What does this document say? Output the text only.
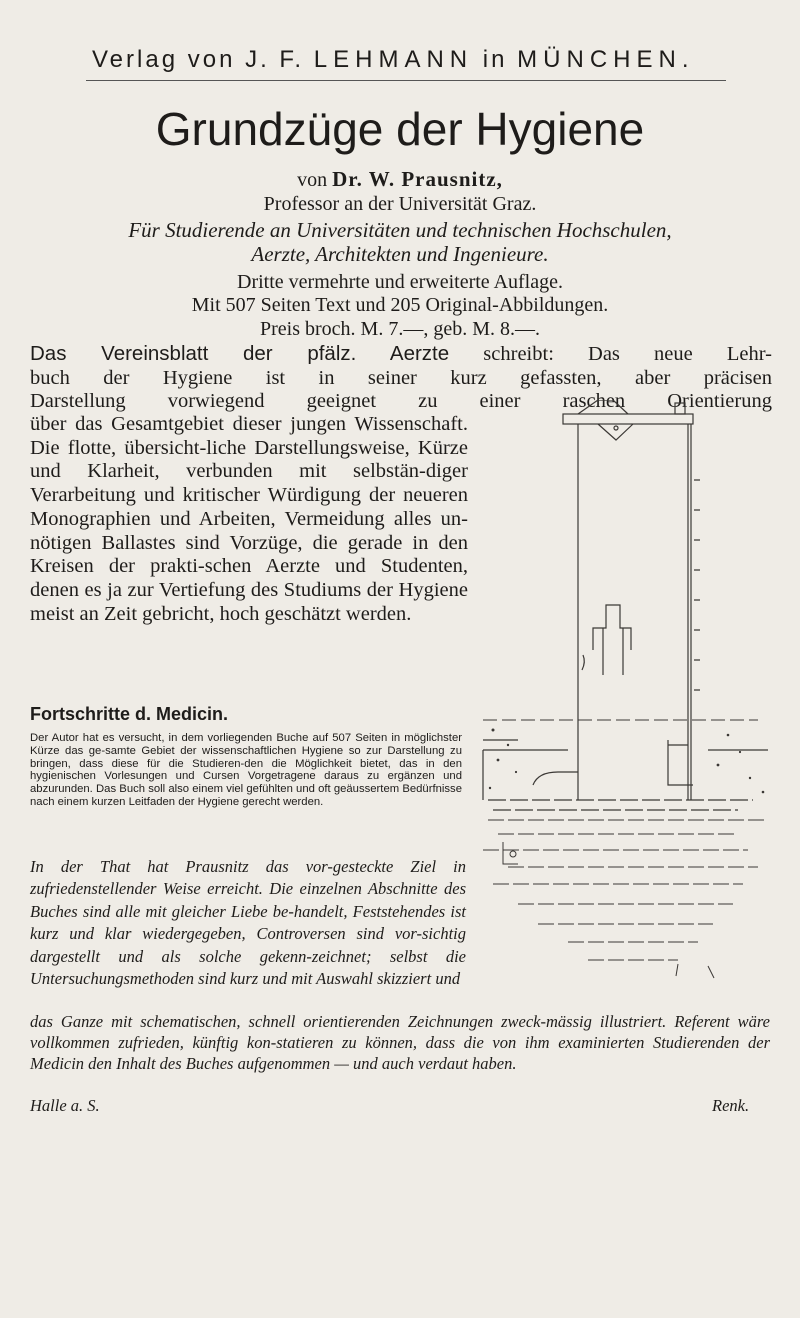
Verlag von J. F. LEHMANN in MÜNCHEN.
Grundzüge der Hygiene
von Dr. W. Prausnitz,
Professor an der Universität Graz.
Für Studierende an Universitäten und technischen Hochschulen,
Aerzte, Architekten und Ingenieure.
Dritte vermehrte und erweiterte Auflage.
Mit 507 Seiten Text und 205 Original-Abbildungen.
Preis broch. M. 7.—, geb. M. 8.—.
Das Vereinsblatt der pfälz. Aerzte schreibt: Das neue Lehr-
buch der Hygiene ist in seiner kurz gefassten, aber präcisen
Darstellung vorwiegend geeignet zu einer raschen Orientierung
über das Gesamtgebiet dieser jungen Wissenschaft. Die flotte, übersicht-liche Darstellungsweise, Kürze und Klarheit, verbunden mit selbstän-diger Verarbeitung und kritischer Würdigung der neueren Monographien und Arbeiten, Vermeidung alles un-nötigen Ballastes sind Vorzüge, die gerade in den Kreisen der prakti-schen Aerzte und Studenten, denen es ja zur Vertiefung des Studiums der Hygiene meist an Zeit gebricht, hoch geschätzt werden.
Fortschritte d. Medicin.
Der Autor hat es versucht, in dem vorliegenden Buche auf 507 Seiten in möglichster Kürze das ge-samte Gebiet der wissenschaftlichen Hygiene so zur Darstellung zu bringen, dass diese für die Studieren-den die Möglichkeit bietet, das in den hygienischen Vorlesungen und Cursen Vorgetragene daraus zu ergänzen und abzurunden. Das Buch soll also einem viel gefühlten und oft geäussertem Bedürfnisse nach einem kurzen Leitfaden der Hygiene gerecht werden.
In der That hat Prausnitz das vor-gesteckte Ziel in zufriedenstellender Weise erreicht. Die einzelnen Abschnitte des Buches sind alle mit gleicher Liebe be-handelt, Feststehendes ist kurz und klar wiedergegeben, Controversen sind vor-sichtig dargestellt und als solche gekenn-zeichnet; selbst die Untersuchungsmethoden sind kurz und mit Auswahl skizziert und
das Ganze mit schematischen, schnell orientierenden Zeichnungen zweck-mässig illustriert. Referent wäre vollkommen zufrieden, künftig kon-statieren zu können, dass die von ihm examinierten Studierenden der Medicin den Inhalt des Buches aufgenommen — und auch verdaut haben.
Halle a. S.	Renk.
